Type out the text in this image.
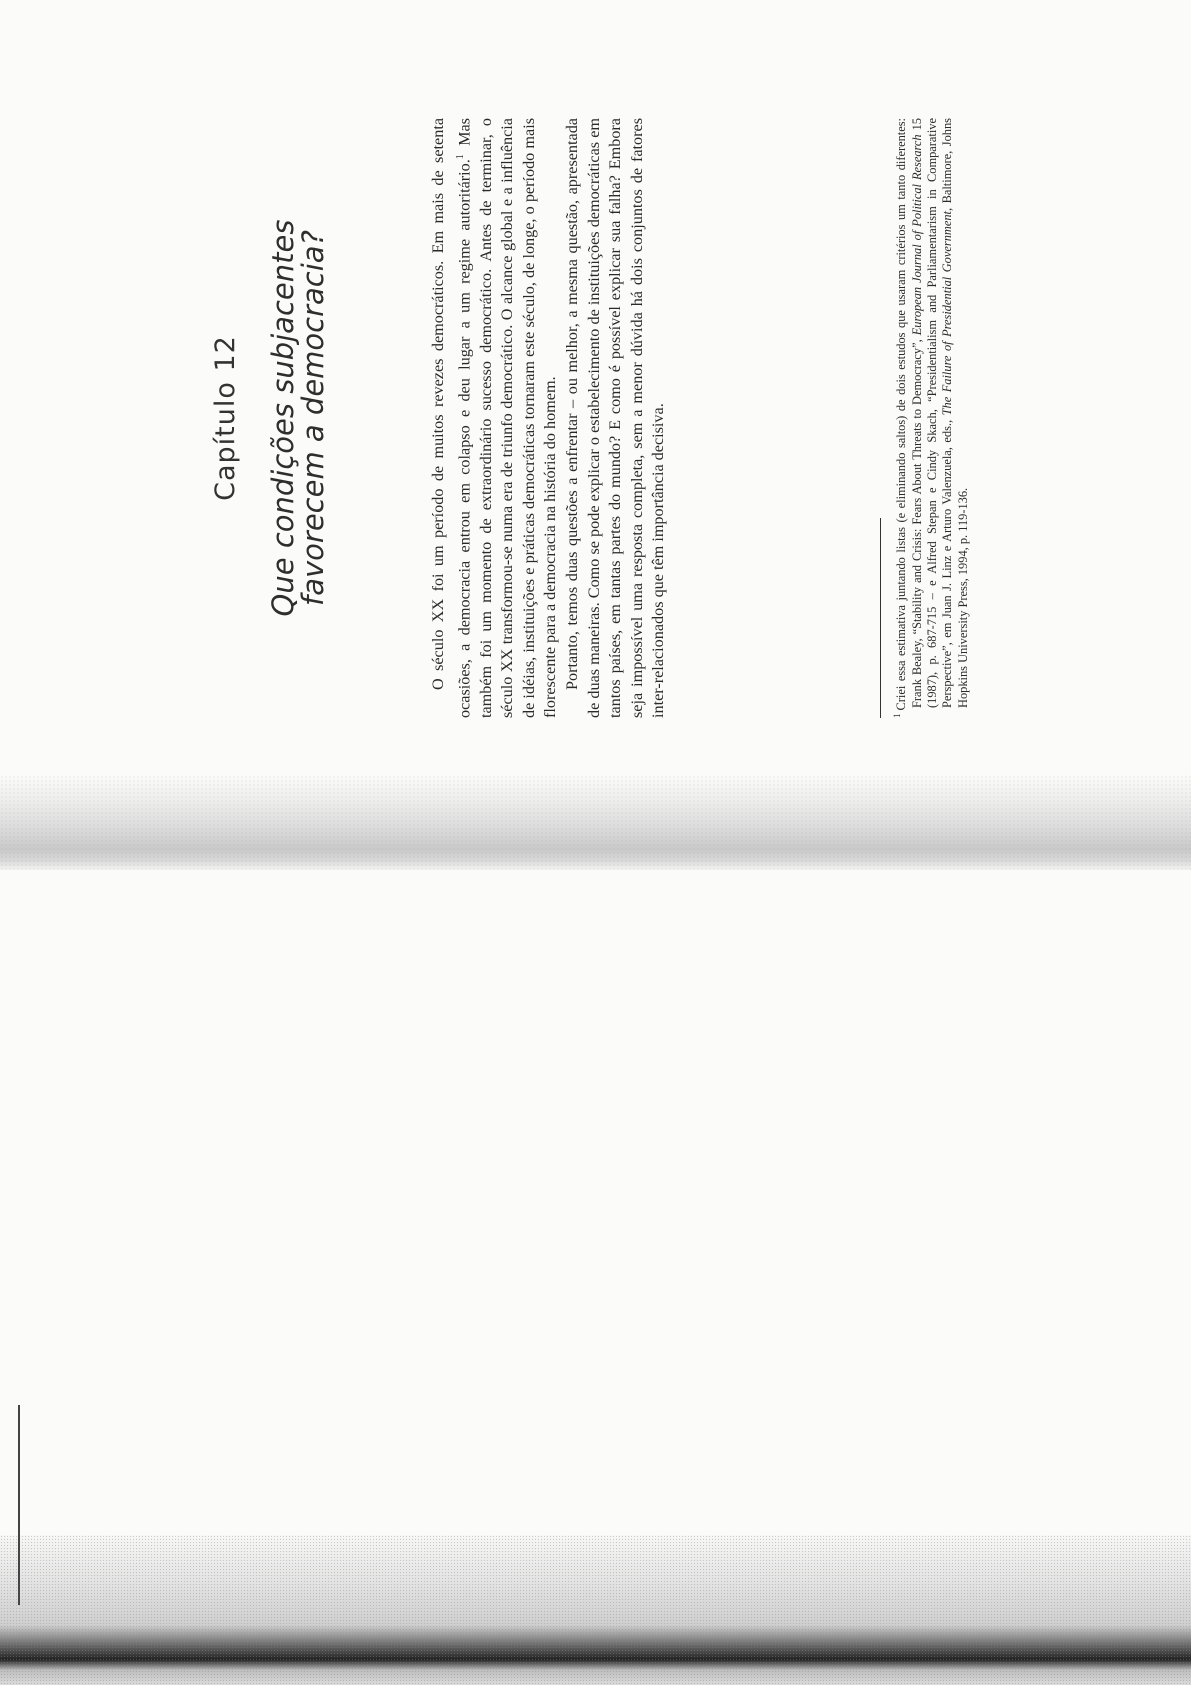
Capítulo 12 Que condições subjacentes
favorecem a democracia?	O século XX foi um período de muitos revezes democráticos. Em mais de setenta ocasiões, a democracia entrou em colapso e deu lugar a um regime autoritário.$^1$ Mas também foi um momento de extraordinário sucesso democrático. Antes de terminar, o século XX transformou-se numa era de triunfo democrático. O alcance global e a influência de idéias, instituições e práticas democráticas tornaram este século, de longe, o período mais florescente para a democracia na história do homem. Portanto, temos duas questões a enfrentar – ou melhor, a mesma questão, apresentada de duas maneiras. Como se pode explicar o estabelecimento de instituições democráticas em tantos países, em tantas partes do mundo? E como é possível explicar sua falha? Embora seja impossível uma resposta completa, sem a menor dúvida há dois conjuntos de fatores inter-relacionados que têm importância decisiva.	$^1$Criei essa estimativa juntando listas (e eliminando saltos) de dois estudos que usaram critérios um tanto diferentes: Frank Bealey, “Stability and Crisis: Fears About Threats to Democracy”, European Journal of Political Research 15 (1987), p. 687-715 – e Alfred Stepan e Cindy Skach, “Presidentialism and Parliamentarism in Comparative Perspective”, em Juan J. Linz e Arturo Valenzuela, eds., The Failure of Presidential Government, Baltimore, Johns Hopkins University Press, 1994, p. 119-136.
